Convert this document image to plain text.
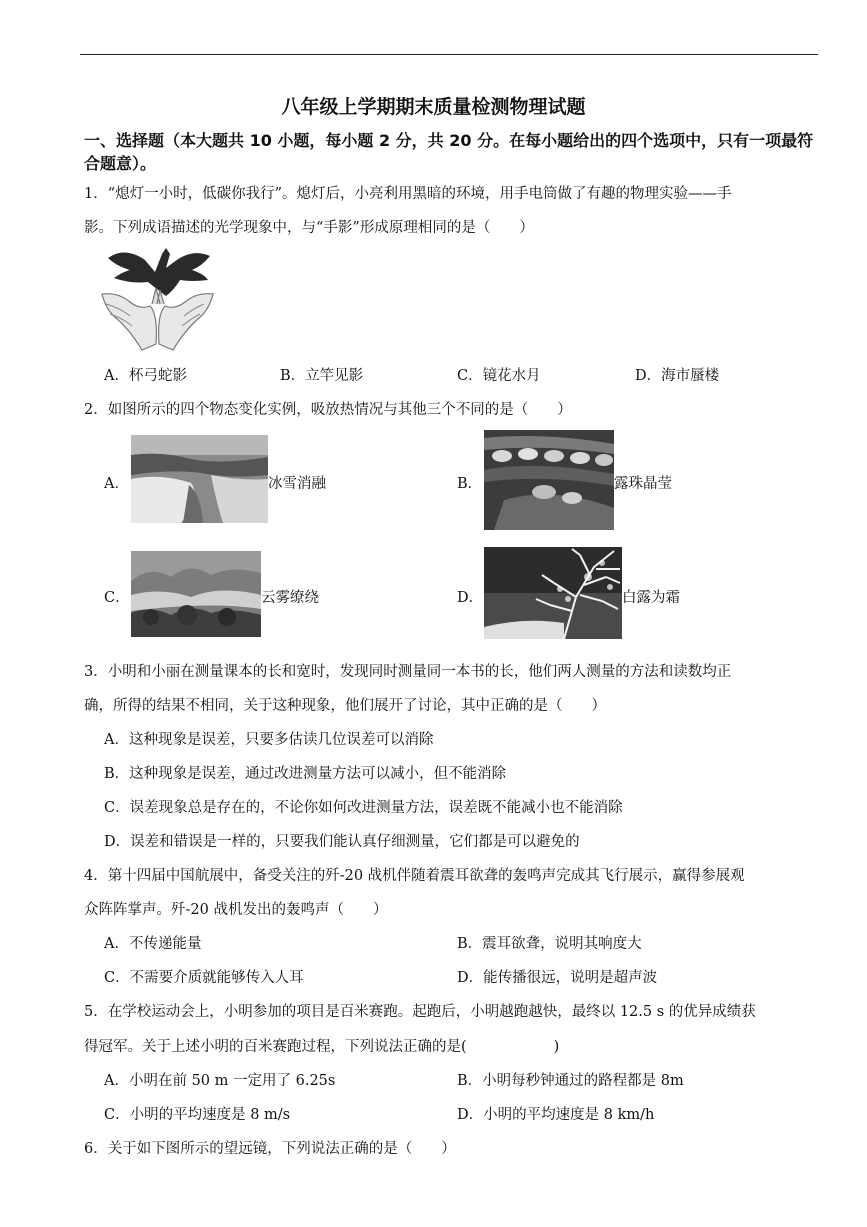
八年级上学期期末质量检测物理试题
一、选择题（本大题共 10 小题，每小题 2 分，共 20 分。在每小题给出的四个选项中，只有一项最符合题意）。
1．“熄灯一小时，低碳你我行”。熄灯后，小亮利用黑暗的环境，用手电筒做了有趣的物理实验——手
影。下列成语描述的光学现象中，与“手影”形成原理相同的是（　　）
A．杯弓蛇影	B．立竿见影	C．镜花水月	D．海市蜃楼
2．如图所示的四个物态变化实例，吸放热情况与其他三个不同的是（　　）
A．	冰雪消融	B．	露珠晶莹
C．	云雾缭绕	D．	白露为霜
3．小明和小丽在测量课本的长和宽时，发现同时测量同一本书的长，他们两人测量的方法和读数均正
确，所得的结果不相同，关于这种现象，他们展开了讨论，其中正确的是（　　）
A．这种现象是误差，只要多估读几位误差可以消除
B．这种现象是误差，通过改进测量方法可以减小，但不能消除
C．误差现象总是存在的，不论你如何改进测量方法，误差既不能减小也不能消除
D．误差和错误是一样的，只要我们能认真仔细测量，它们都是可以避免的
4．第十四届中国航展中，备受关注的歼-20 战机伴随着震耳欲聋的轰鸣声完成其飞行展示，赢得参展观
众阵阵掌声。歼-20 战机发出的轰鸣声（　　）
A．不传递能量	B．震耳欲聋，说明其响度大
C．不需要介质就能够传入人耳	D．能传播很远，说明是超声波
5．在学校运动会上，小明参加的项目是百米赛跑。起跑后，小明越跑越快，最终以 12.5 s 的优异成绩获
得冠军。关于上述小明的百米赛跑过程，下列说法正确的是(　　　　　　)
A．小明在前 50 m 一定用了 6.25s	B．小明每秒钟通过的路程都是 8m
C．小明的平均速度是 8 m/s	D．小明的平均速度是 8 km/h
6．关于如下图所示的望远镜，下列说法正确的是（　　）
